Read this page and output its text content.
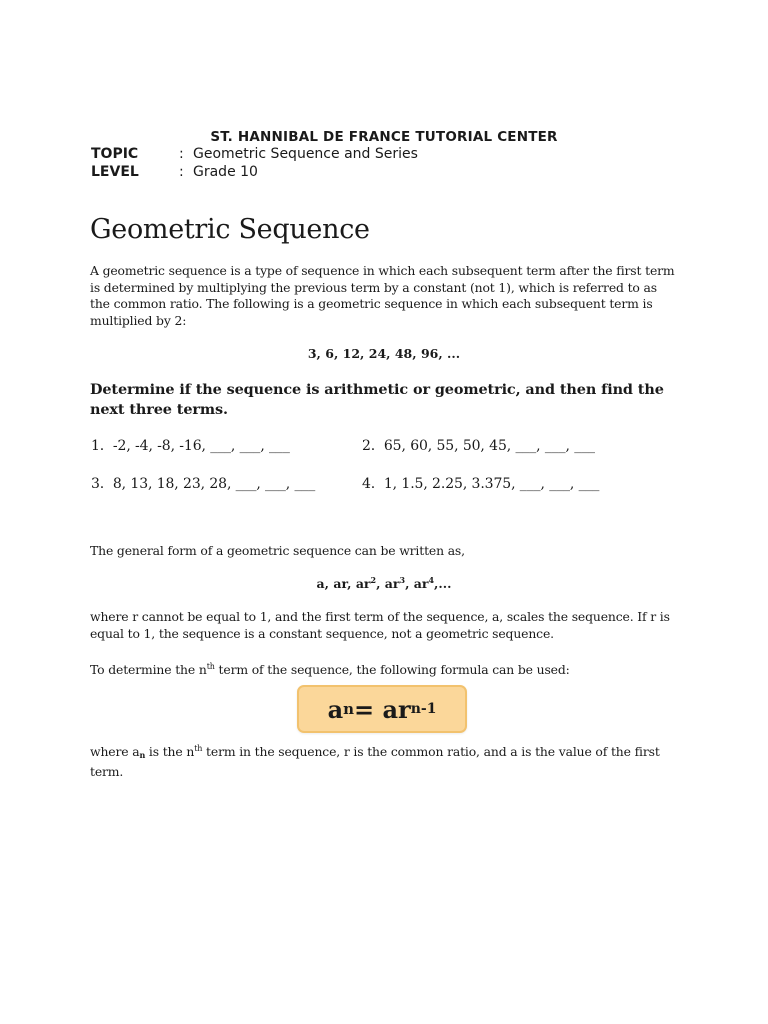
ST. HANNIBAL DE FRANCE TUTORIAL CENTER
TOPIC	: Geometric Sequence and Series
LEVEL	: Grade 10
Geometric Sequence
A geometric sequence is a type of sequence in which each subsequent term after the first term is determined by multiplying the previous term by a constant (not 1), which is referred to as the common ratio. The following is a geometric sequence in which each subsequent term is multiplied by 2:
3, 6, 12, 24, 48, 96, ...
Determine if the sequence is arithmetic or geometric, and then find the next three terms.
1. -2, -4, -8, -16, ___, ___, ___	2. 65, 60, 55, 50, 45, ___, ___, ___
3. 8, 13, 18, 23, 28, ___, ___, ___	4. 1, 1.5, 2.25, 3.375, ___, ___, ___
The general form of a geometric sequence can be written as,
a, ar, $ar^2$, $ar^3$, $ar^4$,...
where r cannot be equal to 1, and the first term of the sequence, a, scales the sequence. If r is equal to 1, the sequence is a constant sequence, not a geometric sequence.
To determine the $n^{th}$ term of the sequence, the following formula can be used:
a n = ar n-1
where $a_n$ is the $n^{th}$ term in the sequence, r is the common ratio, and a is the value of the first term.
